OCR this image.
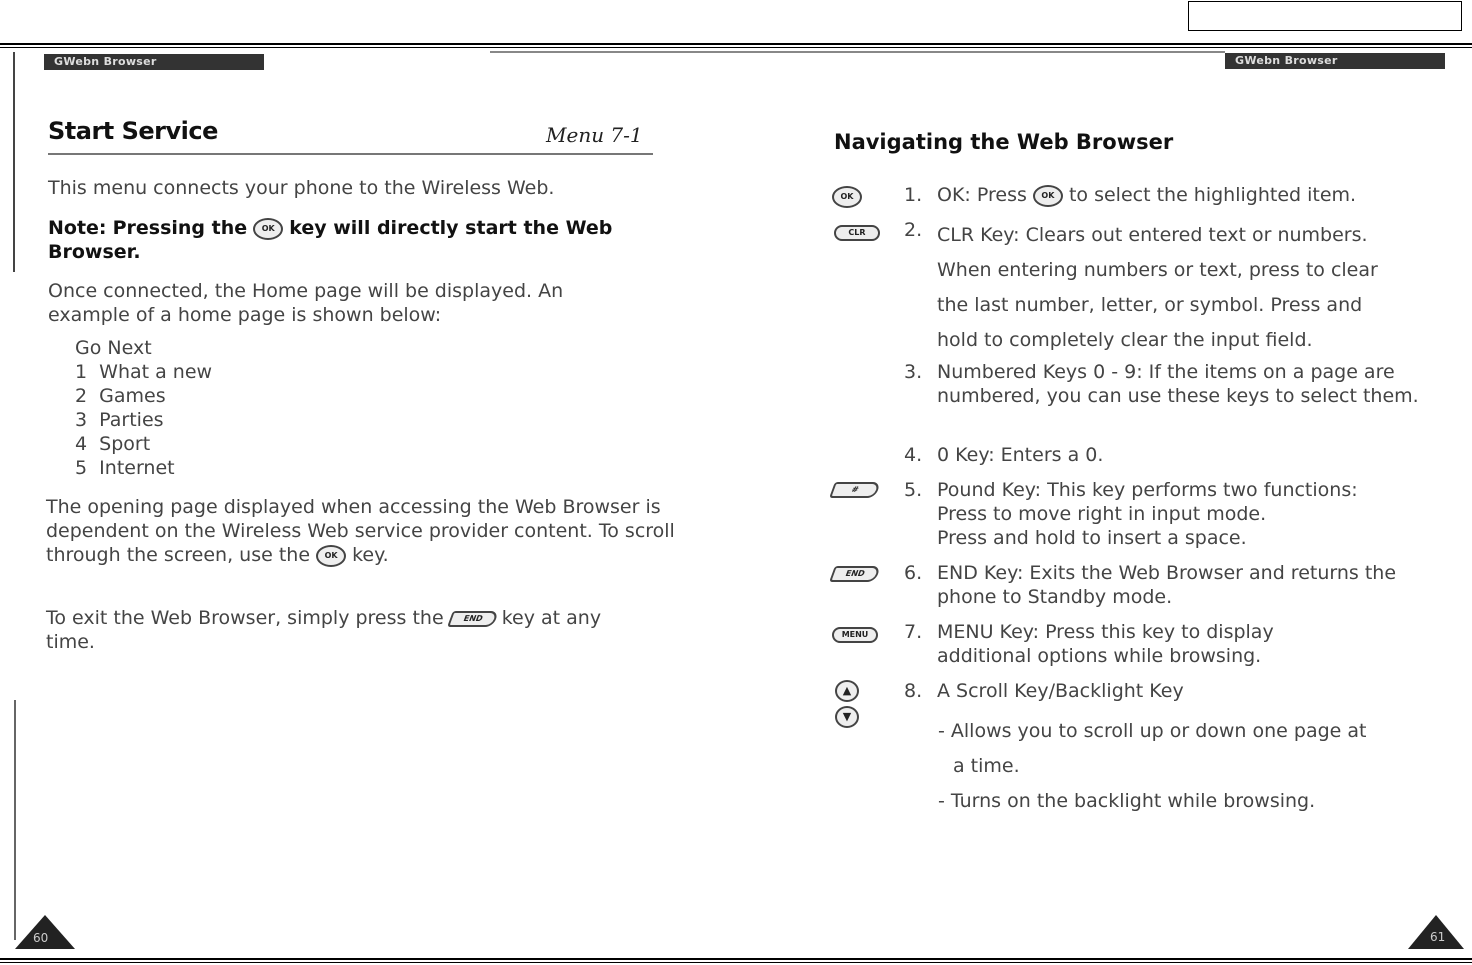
GWebn Browser	GWebn Browser
Start Service	Menu 7-1
This menu connects your phone to the Wireless Web.
Note: Pressing the OK key will directly start the Web
Browser.
Once connected, the Home page will be displayed. An example of a home page is shown below:
Go Next
1  What a new
2  Games
3  Parties
4  Sport
5  Internet
The opening page displayed when accessing the Web Browser is dependent on the Wireless Web service provider content. To scroll through the screen, use the OK key.
To exit the Web Browser, simply press the END key at any time.
60
Navigating the Web Browser
OK	1. OK: Press OK to select the highlighted item.
CLR	2. CLR Key: Clears out entered text or numbers.
When entering numbers or text, press to clear
the last number, letter, or symbol. Press and
hold to completely clear the input field.
3. Numbered Keys 0 - 9: If the items on a page are numbered, you can use these keys to select them.
4. 0 Key: Enters a 0.
#	5. Pound Key: This key performs two functions:
Press to move right in input mode.
Press and hold to insert a space.
END	6. END Key: Exits the Web Browser and returns the phone to Standby mode.
MENU	7. MENU Key: Press this key to display additional options while browsing.
▲
▼
8. A Scroll Key/Backlight Key
- Allows you to scroll up or down one page at
a time.
- Turns on the backlight while browsing.
61
